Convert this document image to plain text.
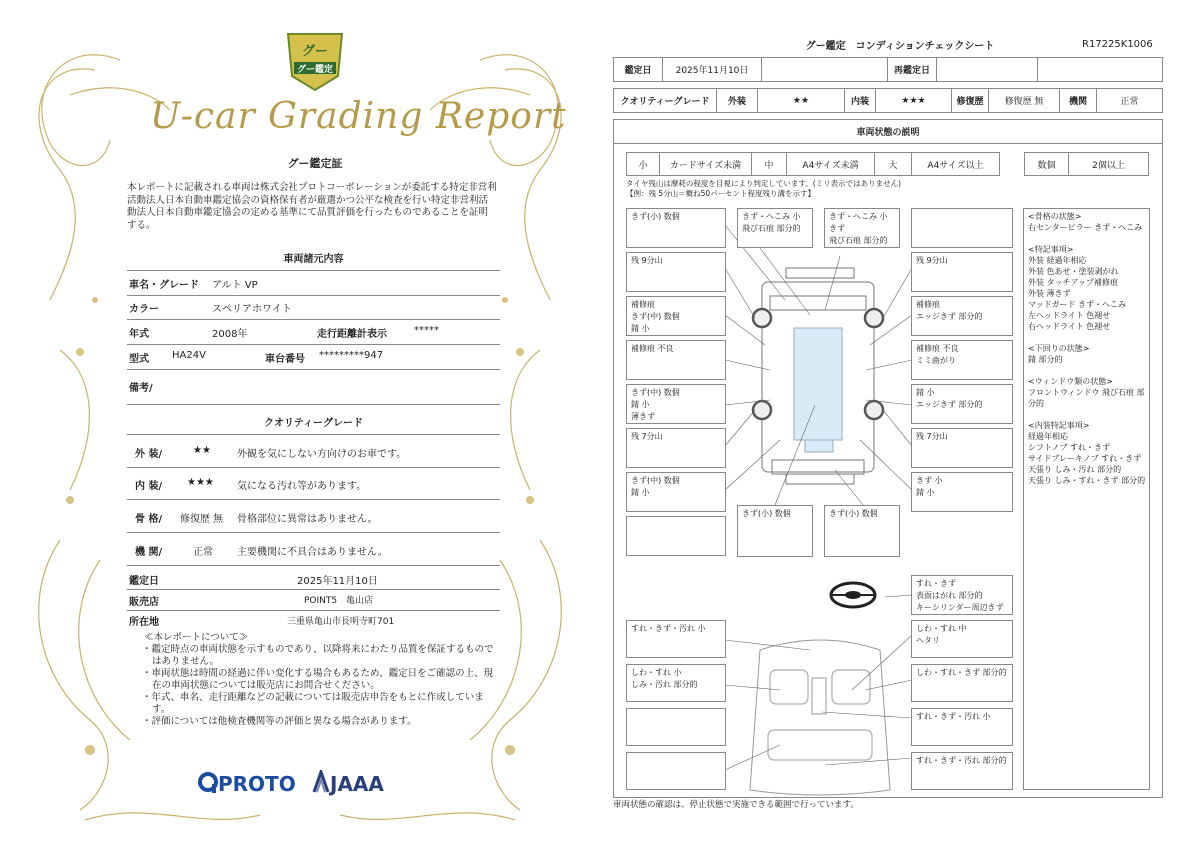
グー
グー鑑定
U-car Grading Report
グー鑑定証
本レポートに記載される車両は株式会社プロトコーポレーションが委託する特定非営利活動法人日本自動車鑑定協会の資格保有者が厳選かつ公平な検査を行い特定非営利活動法人日本自動車鑑定協会の定める基準にて品質評価を行ったものであることを証明する。
車両諸元内容
車名・グレード アルト VP
カラー	スペリアホワイト
年式	2008年	走行距離計表示	*****
型式 HA24V	車台番号 *********947
備考/
クオリティーグレード
外 装/	★★	外観を気にしない方向けのお車です。
内 装/ ★★★ 気になる汚れ等があります。
骨 格/ 修復歴 無 骨格部位に異常はありません。
機 関/	正常 主要機関に不具合はありません。
鑑定日	2025年11月10日
販売店	POINT5　亀山店
所在地	三重県亀山市長明寺町701
≪本レポートについて≫
・鑑定時点の車両状態を示すものであり、以降将来にわたり品質を保証するものではありません。
・車両状態は時間の経過に伴い変化する場合もあるため、鑑定日をご確認の上、現在の車両状態については販売店にお問合せください。
・年式、車名、走行距離などの記載については販売店申告をもとに作成しています。
・評価については他検査機関等の評価と異なる場合があります。
PROTO JAAA
グー鑑定　コンディションチェックシート	R17225K1006
鑑定日	2025年11月10日	再鑑定日
クオリティーグレード	外装	★★	内装	★★★	修復歴	修復歴 無	機関	正常
車両状態の説明
小	カードサイズ未満	中	A4サイズ未満	大	A4サイズ以上	数個	2個以上
タイヤ残山は摩耗の程度を目視により判定しています。(ミリ表示ではありません)
【例：残 5分山＝概ね50パーセント程度残り溝を示す】
きず(小) 数個
残 9分山
補修痕
きず(中) 数個
錆 小
補修痕 不良
きず(中) 数個
錆 小
薄きず
残 7分山
きず(中) 数個
錆 小
きず・へこみ 小
飛び石痕 部分的
きず・へこみ 小
きず
飛び石痕 部分的
残 9分山
補修痕
エッジきず 部分的
補修痕 不良
ミミ曲がり
錆 小
エッジきず 部分的
残 7分山
きず 小
錆 小
きず(小) 数個	きず(小) 数個
<骨格の状態>
右センターピラー きず・へこみ

<特記事項>
外装 経過年相応
外装 色あせ・塗装剥がれ
外装 タッチアップ補修痕
外装 薄きず
マッドガード きず・へこみ
左ヘッドライト 色褪せ
右ヘッドライト 色褪せ

<下回りの状態>
錆 部分的

<ウィンドウ類の状態>
フロントウィンドウ 飛び石痕 部分的

<内装特記事項>
経過年相応
シフトノブ すれ・きず
サイドブレーキノブ すれ・きず
天張り しみ・汚れ 部分的
天張り しみ・すれ・きず 部分的
すれ・きず
表面はがれ 部分的
キーシリンダー周辺きず
すれ・きず・汚れ 小
しわ・すれ 小
しみ・汚れ 部分的
しわ・すれ 中
ヘタリ
しわ・すれ・きず 部分的
すれ・きず・汚れ 小
すれ・きず・汚れ 部分的
車両状態の確認は、停止状態で実施できる範囲で行っています。
